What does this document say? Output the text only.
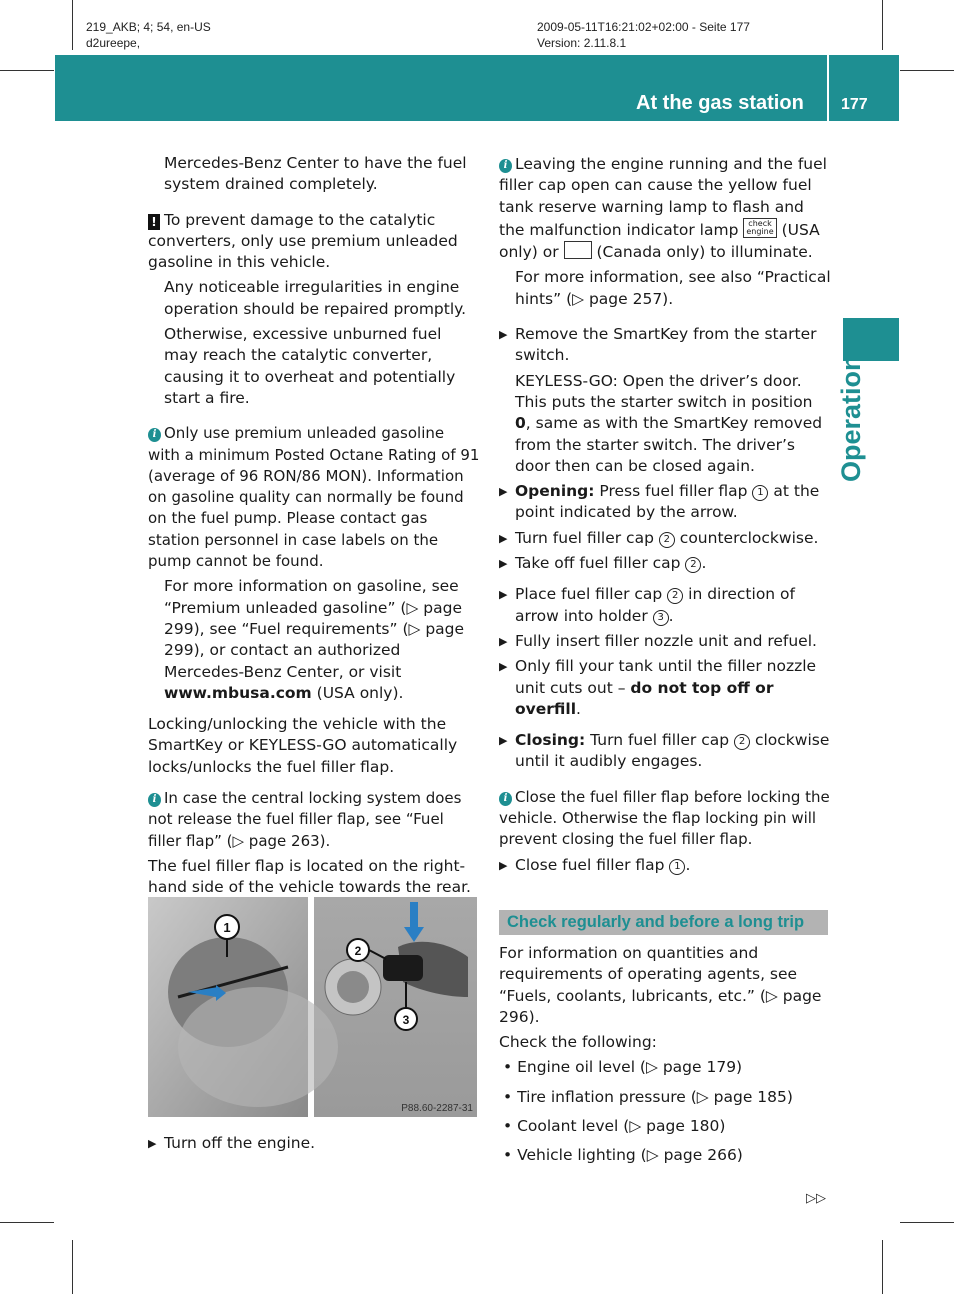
219_AKB; 4; 54, en-US
d2ureepe,
2009-05-11T16:21:02+02:00 - Seite 177
Version: 2.11.8.1
At the gas station 177
Operation

Mercedes-Benz Center to have the fuel system drained completely.

! To prevent damage to the catalytic converters, only use premium unleaded gasoline in this vehicle.

Any noticeable irregularities in engine operation should be repaired promptly.

Otherwise, excessive unburned fuel may reach the catalytic converter, causing it to overheat and potentially start a fire.

i Only use premium unleaded gasoline with a minimum Posted Octane Rating of 91 (average of 96 RON/86 MON). Information on gasoline quality can normally be found on the fuel pump. Please contact gas station personnel in case labels on the pump cannot be found.

For more information on gasoline, see “Premium unleaded gasoline” (▷ page 299), see “Fuel requirements” (▷ page 299), or contact an authorized Mercedes-Benz Center, or visit www.mbusa.com (USA only).

Locking/unlocking the vehicle with the SmartKey or KEYLESS-GO automatically locks/unlocks the fuel filler flap.

i In case the central locking system does not release the fuel filler flap, see “Fuel filler flap” (▷ page 263).

The fuel filler flap is located on the right-hand side of the vehicle towards the rear.

1
2
3
P88.60-2287-31

▶ Turn off the engine.

i Leaving the engine running and the fuel filler cap open can cause the yellow fuel tank reserve warning lamp to flash and the malfunction indicator lamp check
engine (USA only) or (Canada only) to illuminate.

For more information, see also “Practical hints” (▷ page 257).

▶ Remove the SmartKey from the starter switch.

KEYLESS-GO: Open the driver’s door. This puts the starter switch in position 0, same as with the SmartKey removed from the starter switch. The driver’s door then can be closed again.

▶ Opening: Press fuel filler flap 1 at the point indicated by the arrow.

▶ Turn fuel filler cap 2 counterclockwise.

▶ Take off fuel filler cap 2 .

▶ Place fuel filler cap 2 in direction of arrow into holder 3 .

▶ Fully insert filler nozzle unit and refuel.

▶ Only fill your tank until the filler nozzle unit cuts out – do not top off or overfill.

▶ Closing: Turn fuel filler cap 2 clockwise until it audibly engages.

i Close the fuel filler flap before locking the vehicle. Otherwise the flap locking pin will prevent closing the fuel filler flap.

▶ Close fuel filler flap 1 .

Check regularly and before a long trip

For information on quantities and requirements of operating agents, see “Fuels, coolants, lubricants, etc.” (▷ page 296).

Check the following:

• Engine oil level (▷ page 179)

• Tire inflation pressure (▷ page 185)

• Coolant level (▷ page 180)

• Vehicle lighting (▷ page 266)

▷▷
